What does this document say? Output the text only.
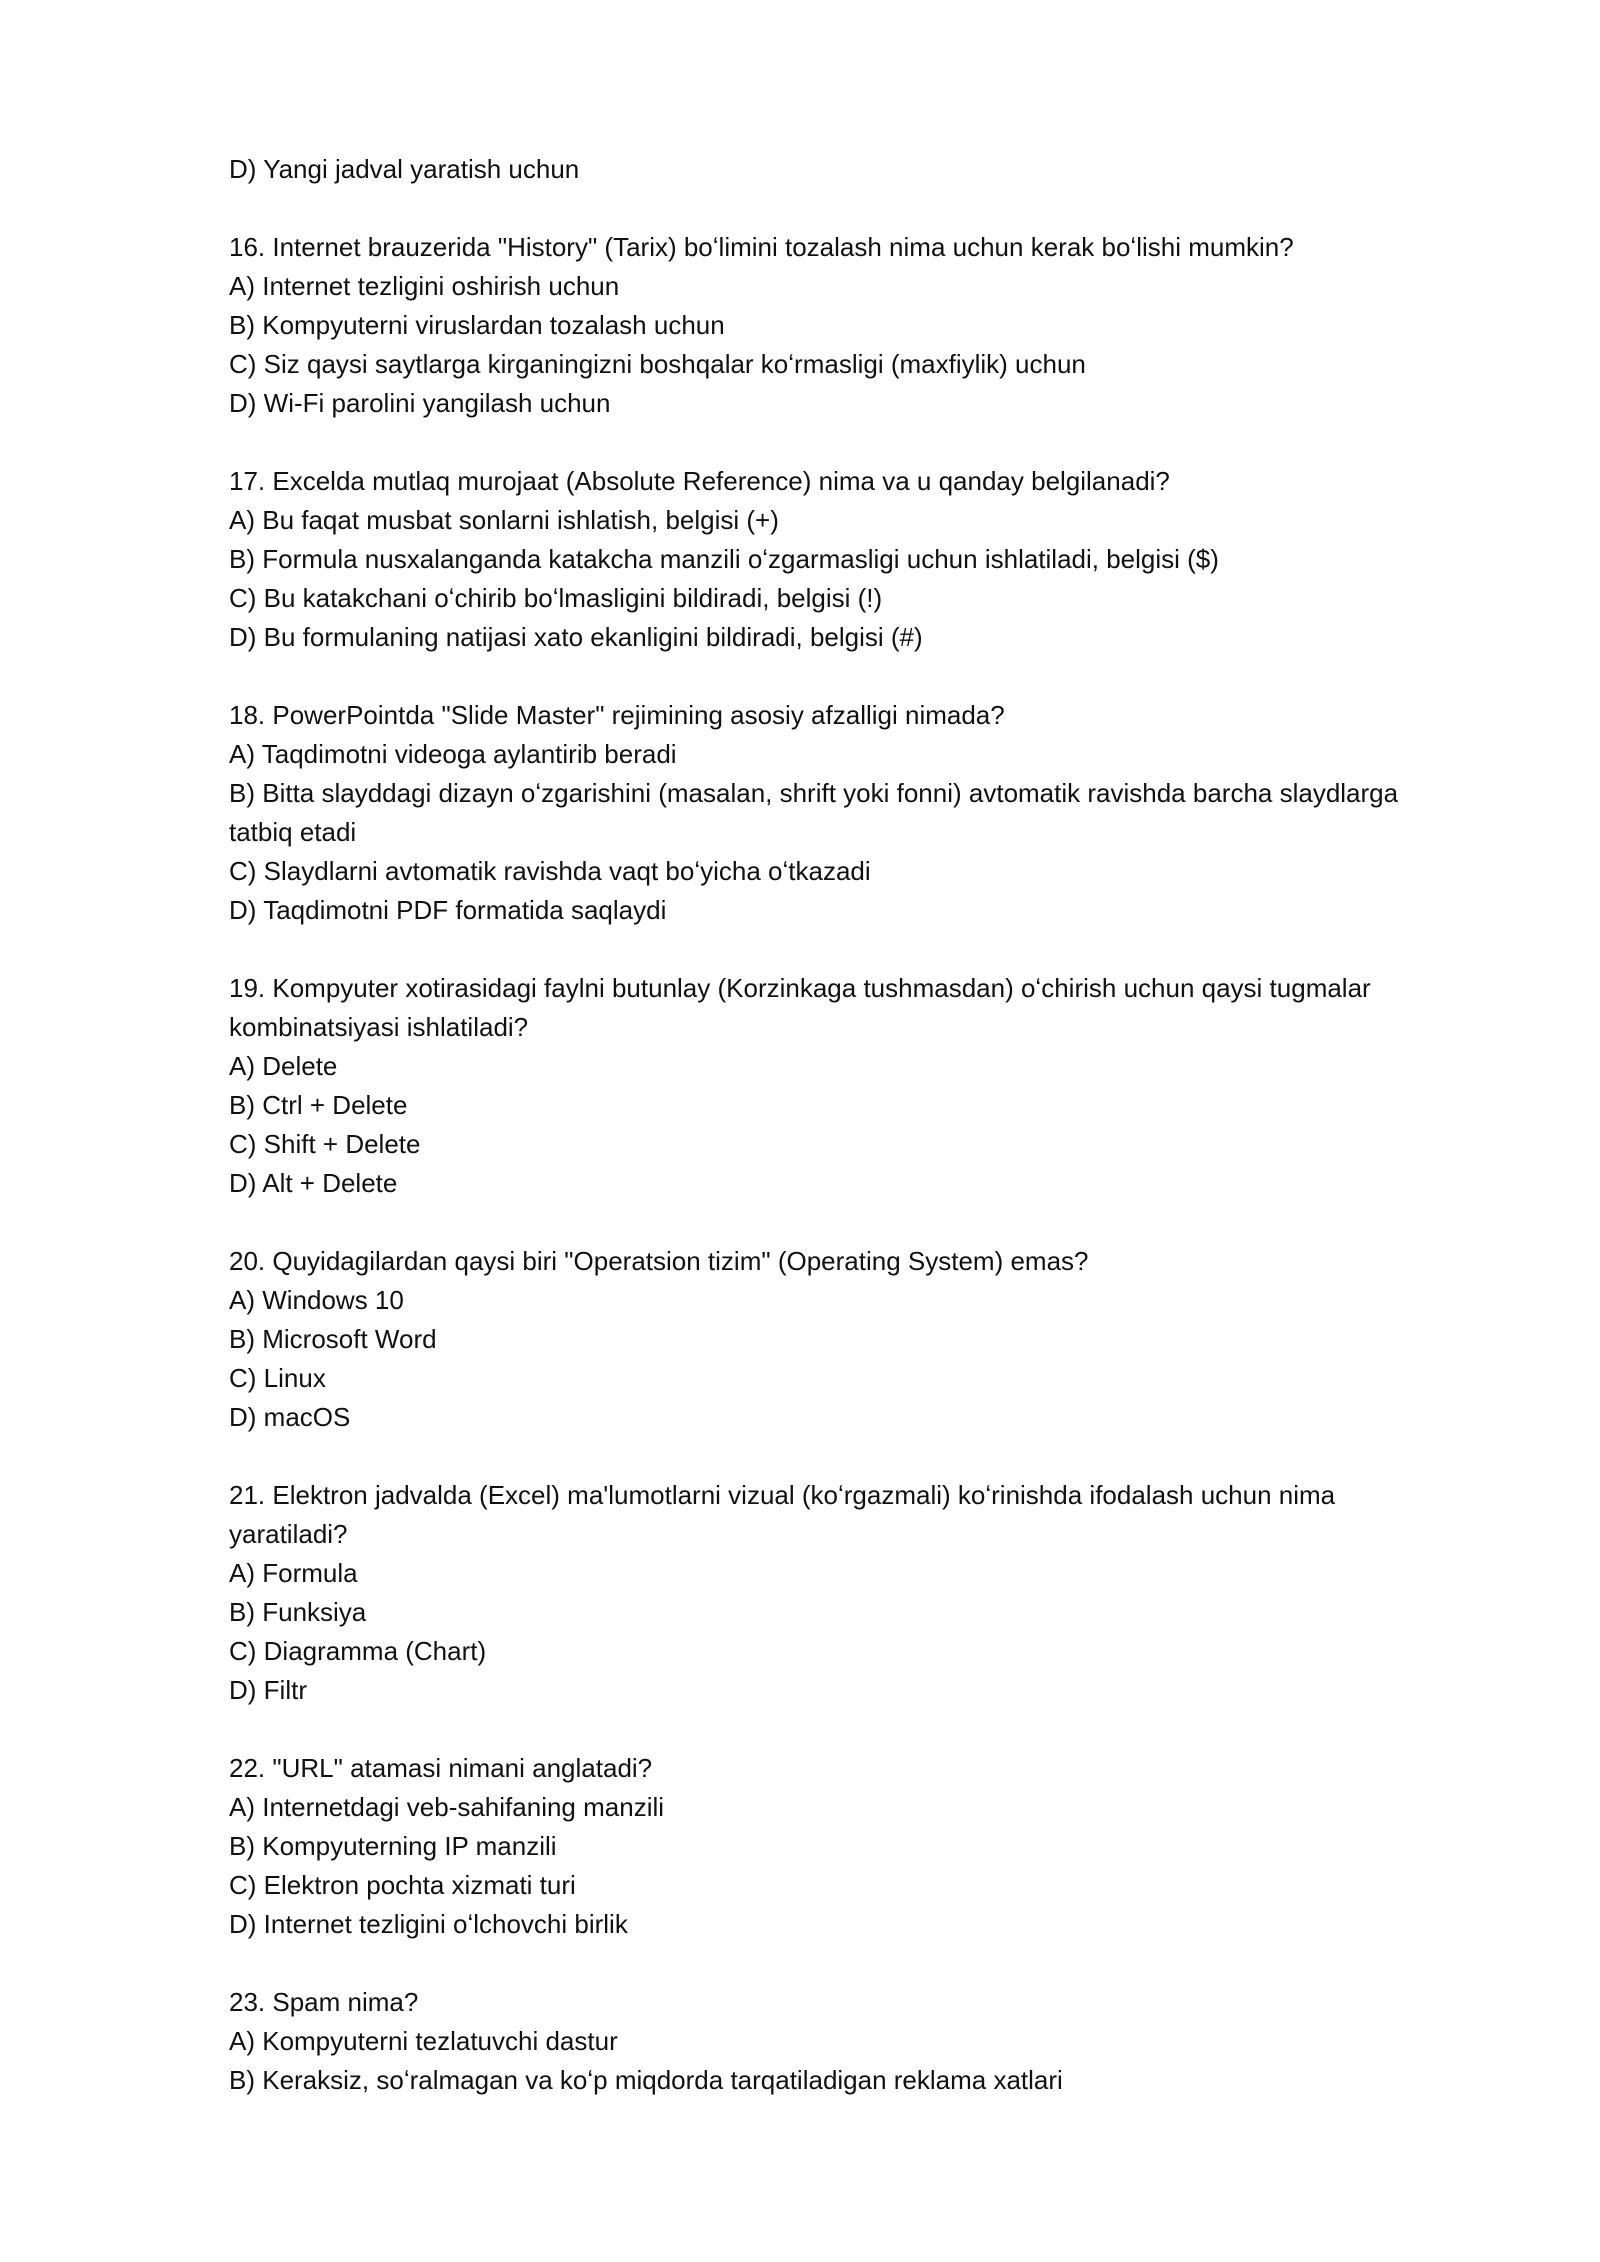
D) Yangi jadval yaratish uchun
16. Internet brauzerida "History" (Tarix) boʻlimini tozalash nima uchun kerak boʻlishi mumkin?
A) Internet tezligini oshirish uchun
B) Kompyuterni viruslardan tozalash uchun
C) Siz qaysi saytlarga kirganingizni boshqalar koʻrmasligi (maxfiylik) uchun
D) Wi-Fi parolini yangilash uchun
17. Excelda mutlaq murojaat (Absolute Reference) nima va u qanday belgilanadi?
A) Bu faqat musbat sonlarni ishlatish, belgisi (+)
B) Formula nusxalanganda katakcha manzili oʻzgarmasligi uchun ishlatiladi, belgisi ($)
C) Bu katakchani oʻchirib boʻlmasligini bildiradi, belgisi (!)
D) Bu formulaning natijasi xato ekanligini bildiradi, belgisi (#)
18. PowerPointda "Slide Master" rejimining asosiy afzalligi nimada?
A) Taqdimotni videoga aylantirib beradi
B) Bitta slayddagi dizayn oʻzgarishini (masalan, shrift yoki fonni) avtomatik ravishda barcha slaydlarga tatbiq etadi
C) Slaydlarni avtomatik ravishda vaqt boʻyicha oʻtkazadi
D) Taqdimotni PDF formatida saqlaydi
19. Kompyuter xotirasidagi faylni butunlay (Korzinkaga tushmasdan) oʻchirish uchun qaysi tugmalar kombinatsiyasi ishlatiladi?
A) Delete
B) Ctrl + Delete
C) Shift + Delete
D) Alt + Delete
20. Quyidagilardan qaysi biri "Operatsion tizim" (Operating System) emas?
A) Windows 10
B) Microsoft Word
C) Linux
D) macOS
21. Elektron jadvalda (Excel) ma'lumotlarni vizual (koʻrgazmali) koʻrinishda ifodalash uchun nima yaratiladi?
A) Formula
B) Funksiya
C) Diagramma (Chart)
D) Filtr
22. "URL" atamasi nimani anglatadi?
A) Internetdagi veb-sahifaning manzili
B) Kompyuterning IP manzili
C) Elektron pochta xizmati turi
D) Internet tezligini oʻlchovchi birlik
23. Spam nima?
A) Kompyuterni tezlatuvchi dastur
B) Keraksiz, soʻralmagan va koʻp miqdorda tarqatiladigan reklama xatlari
